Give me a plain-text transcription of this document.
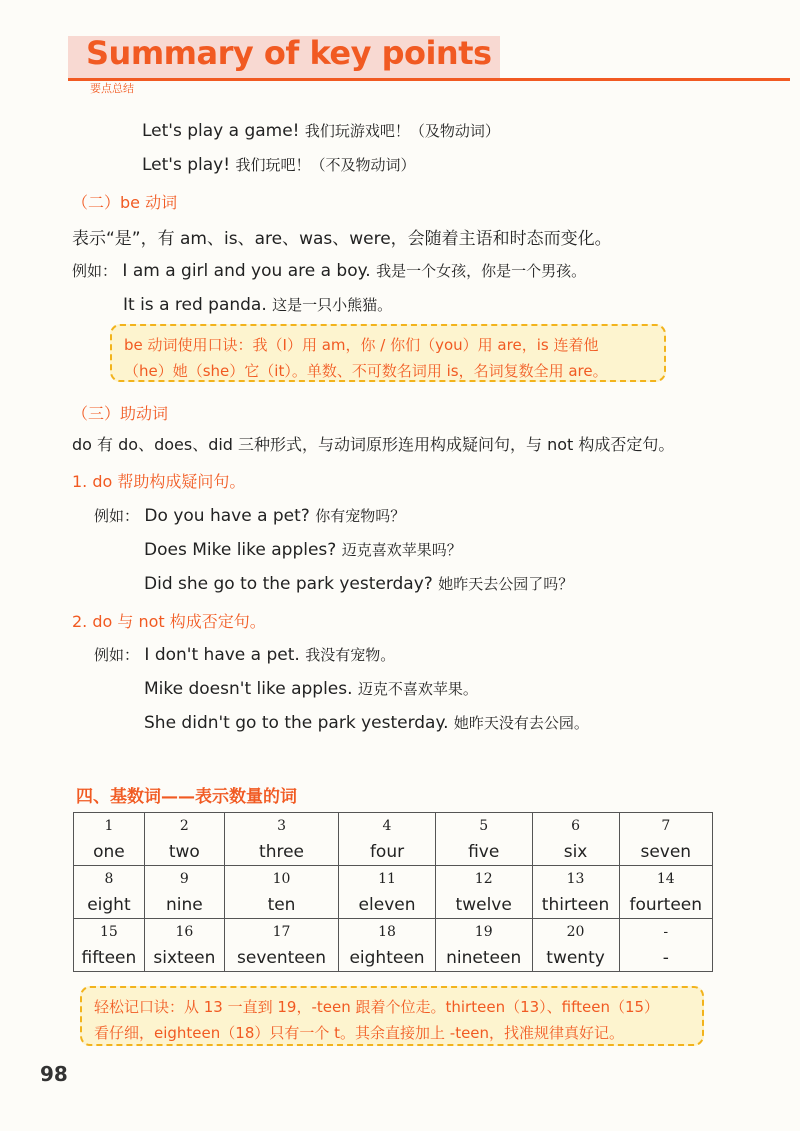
Summary of key points
要点总结
Let's play a game! 我们玩游戏吧！（及物动词）
Let's play! 我们玩吧！（不及物动词）
（二）be 动词
表示“是”，有 am、is、are、was、were，会随着主语和时态而变化。
例如： I am a girl and you are a boy. 我是一个女孩，你是一个男孩。
It is a red panda. 这是一只小熊猫。
be 动词使用口诀：我（I）用 am，你 / 你们（you）用 are，is 连着他
（he）她（she）它（it）。单数、不可数名词用 is，名词复数全用 are。
（三）助动词
do 有 do、does、did 三种形式，与动词原形连用构成疑问句，与 not 构成否定句。
1. do 帮助构成疑问句。
例如： Do you have a pet? 你有宠物吗？
Does Mike like apples? 迈克喜欢苹果吗？
Did she go to the park yesterday? 她昨天去公园了吗？
2. do 与 not 构成否定句。
例如： I don't have a pet. 我没有宠物。
Mike doesn't like apples. 迈克不喜欢苹果。
She didn't go to the park yesterday. 她昨天没有去公园。
四、基数词——表示数量的词
1	2	3	4	5	6	7
one	two	three	four	five	six	seven
8	9	10	11	12	13	14
eight	nine	ten	eleven	twelve	thirteen	fourteen
15	16	17	18	19	20	-
fifteen	sixteen	seventeen	eighteen	nineteen	twenty	-
轻松记口诀：从 13 一直到 19，-teen 跟着个位走。thirteen（13）、fifteen（15）
看仔细，eighteen（18）只有一个 t。其余直接加上 -teen，找准规律真好记。
98
